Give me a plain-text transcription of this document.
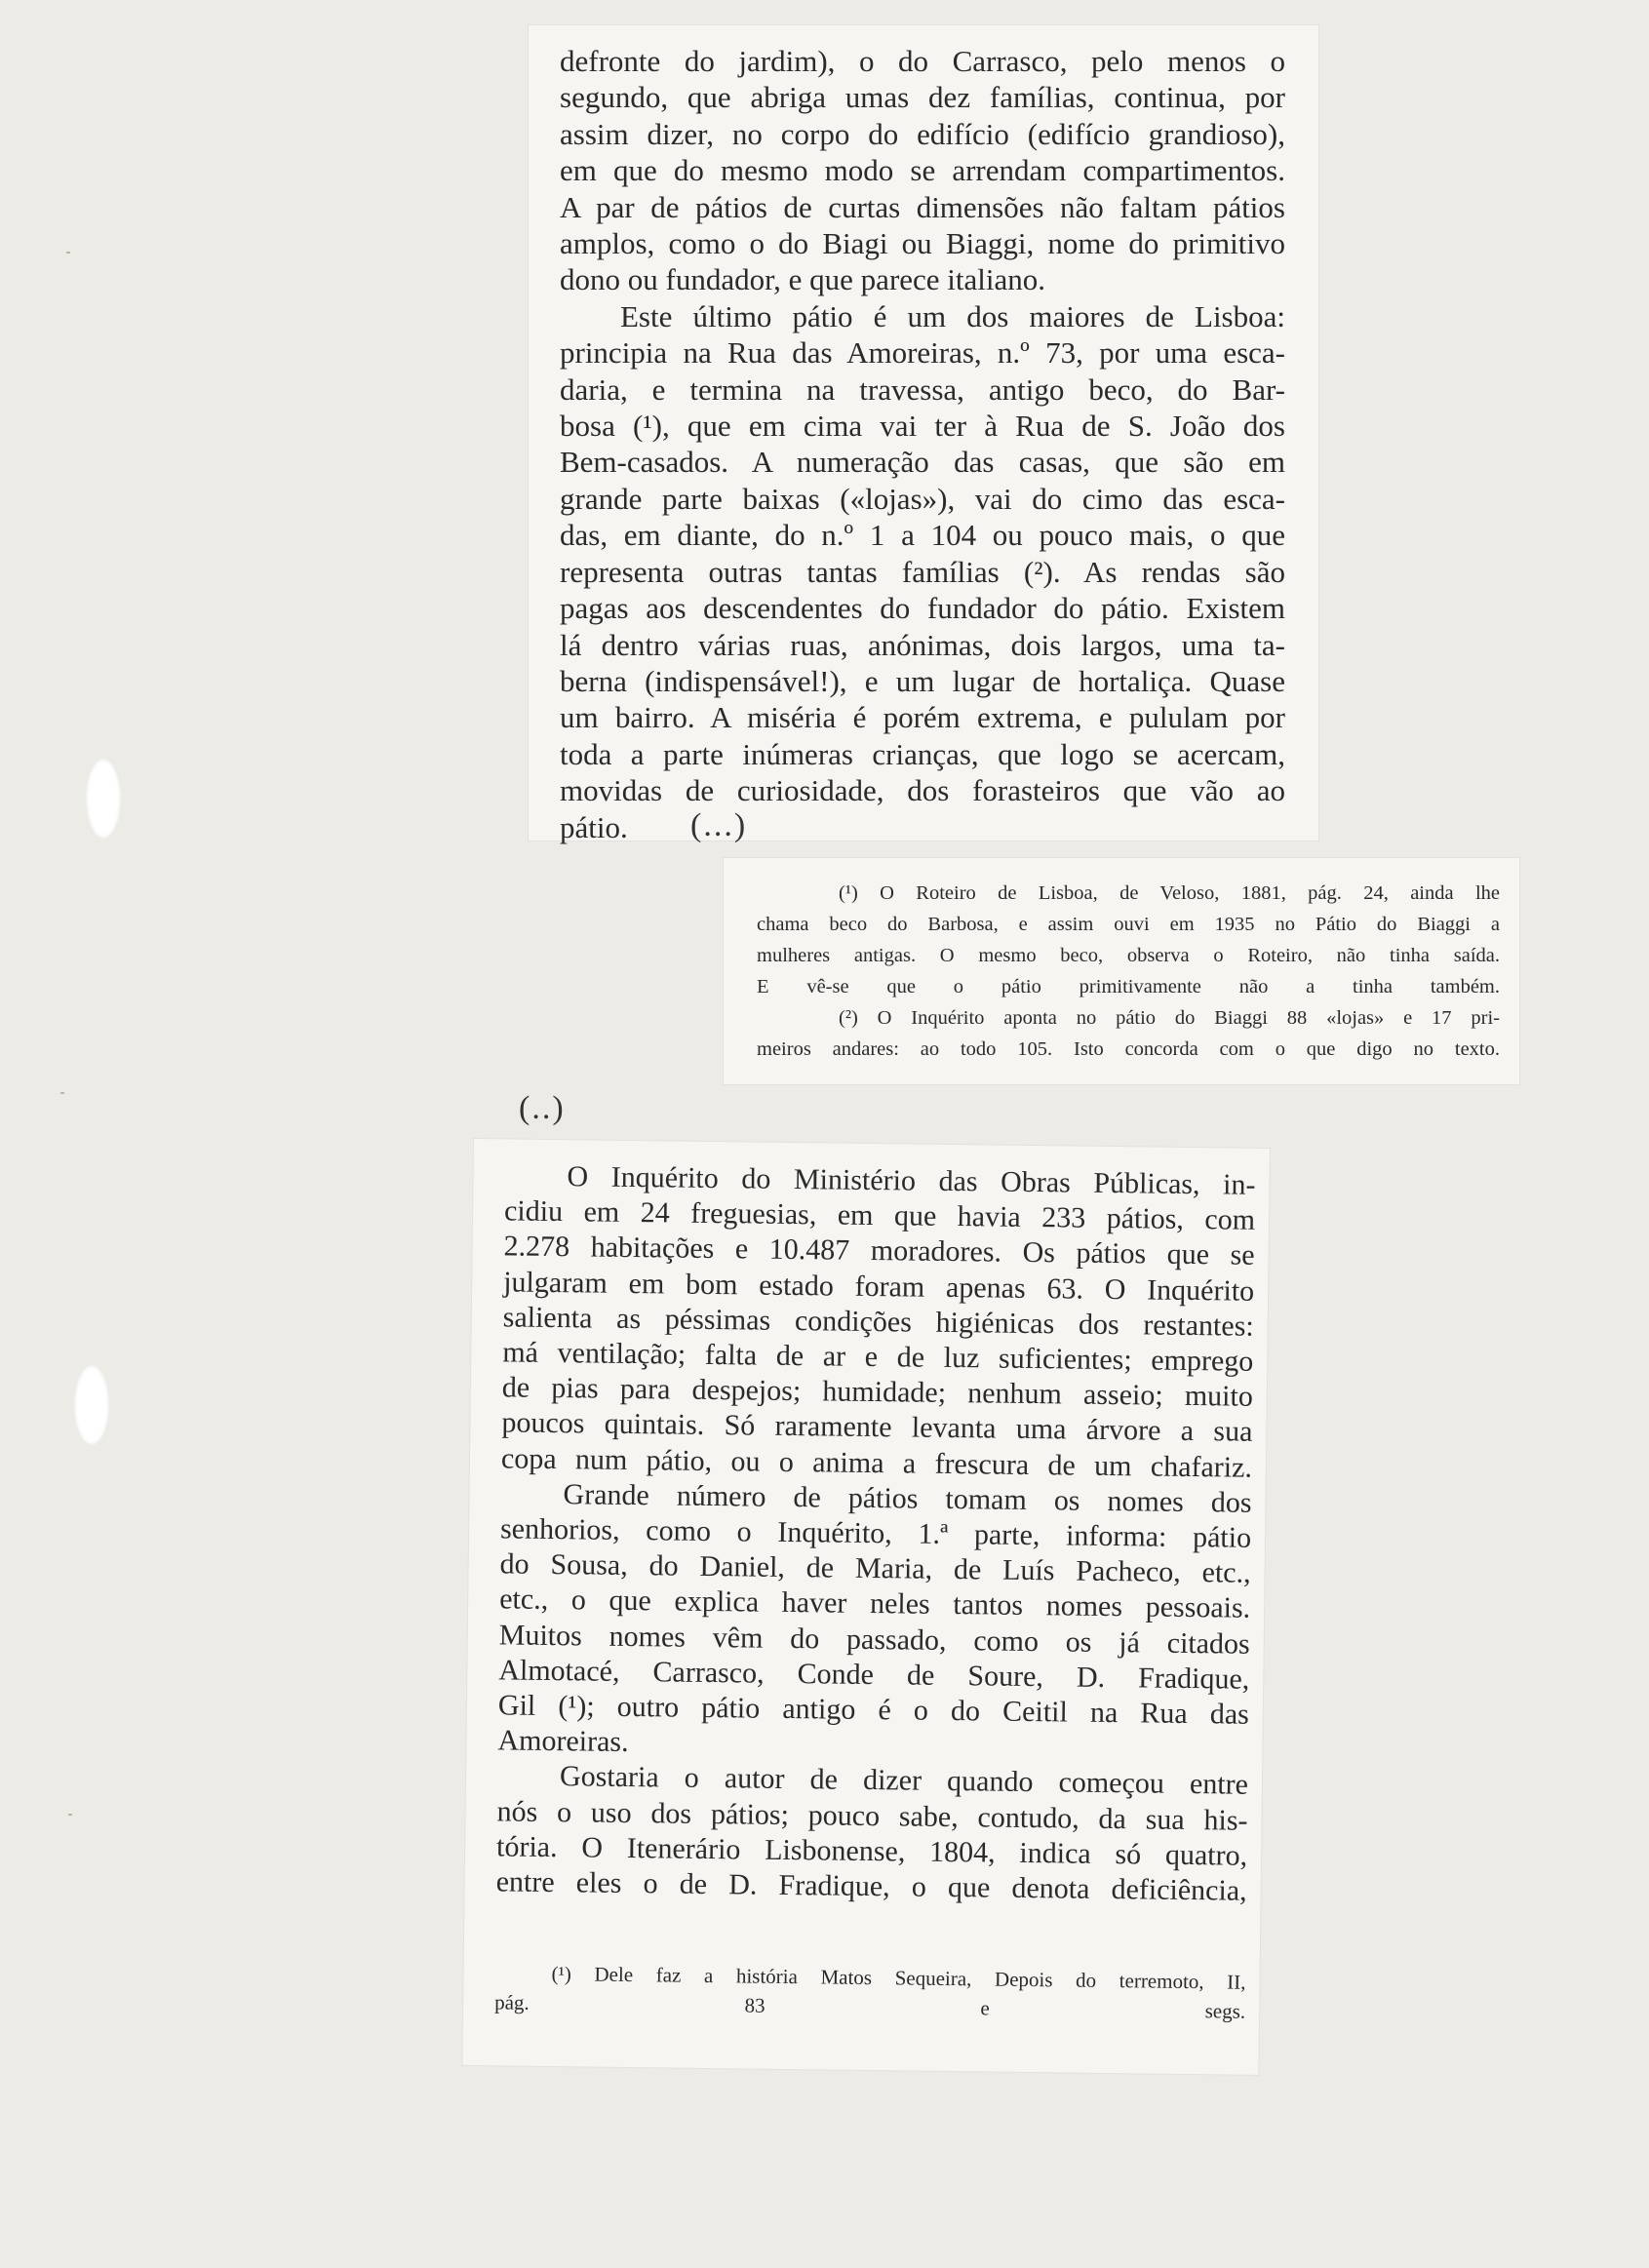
defronte do jardim), o do Carrasco, pelo menos o
segundo, que abriga umas dez famílias, continua, por
assim dizer, no corpo do edifício (edifício grandioso),
em que do mesmo modo se arrendam compartimentos.
A par de pátios de curtas dimensões não faltam pátios
amplos, como o do Biagi ou Biaggi, nome do primitivo

dono ou fundador, e que parece italiano.
Este último pátio é um dos maiores de Lisboa:
principia na Rua das Amoreiras, n.º 73, por uma esca-
daria, e termina na travessa, antigo beco, do Bar-
bosa (¹), que em cima vai ter à Rua de S. João dos
Bem-casados. A numeração das casas, que são em
grande parte baixas («lojas»), vai do cimo das esca-
das, em diante, do n.º 1 a 104 ou pouco mais, o que
representa outras tantas famílias (²). As rendas são
pagas aos descendentes do fundador do pátio. Existem
lá dentro várias ruas, anónimas, dois largos, uma ta-
berna (indispensável!), e um lugar de hortaliça. Quase
um bairro. A miséria é porém extrema, e pululam por
toda a parte inúmeras crianças, que logo se acercam,
movidas de curiosidade, dos forasteiros que vão ao

pátio.	(...)
(¹) O Roteiro de Lisboa, de Veloso, 1881, pág. 24, ainda lhe
chama beco do Barbosa, e assim ouvi em 1935 no Pátio do Biaggi a
mulheres antigas. O mesmo beco, observa o Roteiro, não tinha saída.

E vê-se que o pátio primitivamente não a tinha também.
(²) O Inquérito aponta no pátio do Biaggi 88 «lojas» e 17 pri-
meiros andares: ao todo 105. Isto concorda com o que digo no texto.
(..)
O Inquérito do Ministério das Obras Públicas, in-
cidiu em 24 freguesias, em que havia 233 pátios, com
2.278 habitações e 10.487 moradores. Os pátios que se
julgaram em bom estado foram apenas 63. O Inquérito
salienta as péssimas condições higiénicas dos restantes:
má ventilação; falta de ar e de luz suficientes; emprego
de pias para despejos; humidade; nenhum asseio; muito
poucos quintais. Só raramente levanta uma árvore a sua
copa num pátio, ou o anima a frescura de um chafariz.
Grande número de pátios tomam os nomes dos
senhorios, como o Inquérito, 1.ª parte, informa: pátio
do Sousa, do Daniel, de Maria, de Luís Pacheco, etc.,
etc., o que explica haver neles tantos nomes pessoais.
Muitos nomes vêm do passado, como os já citados
Almotacé, Carrasco, Conde de Soure, D. Fradique,
Gil (¹); outro pátio antigo é o do Ceitil na Rua das

Amoreiras.
Gostaria o autor de dizer quando começou entre
nós o uso dos pátios; pouco sabe, contudo, da sua his-
tória. O Itenerário Lisbonense, 1804, indica só quatro,
entre eles o de D. Fradique, o que denota deficiência,
(¹) Dele faz a história Matos Sequeira, Depois do terremoto, II,

pág. 83 e segs.
